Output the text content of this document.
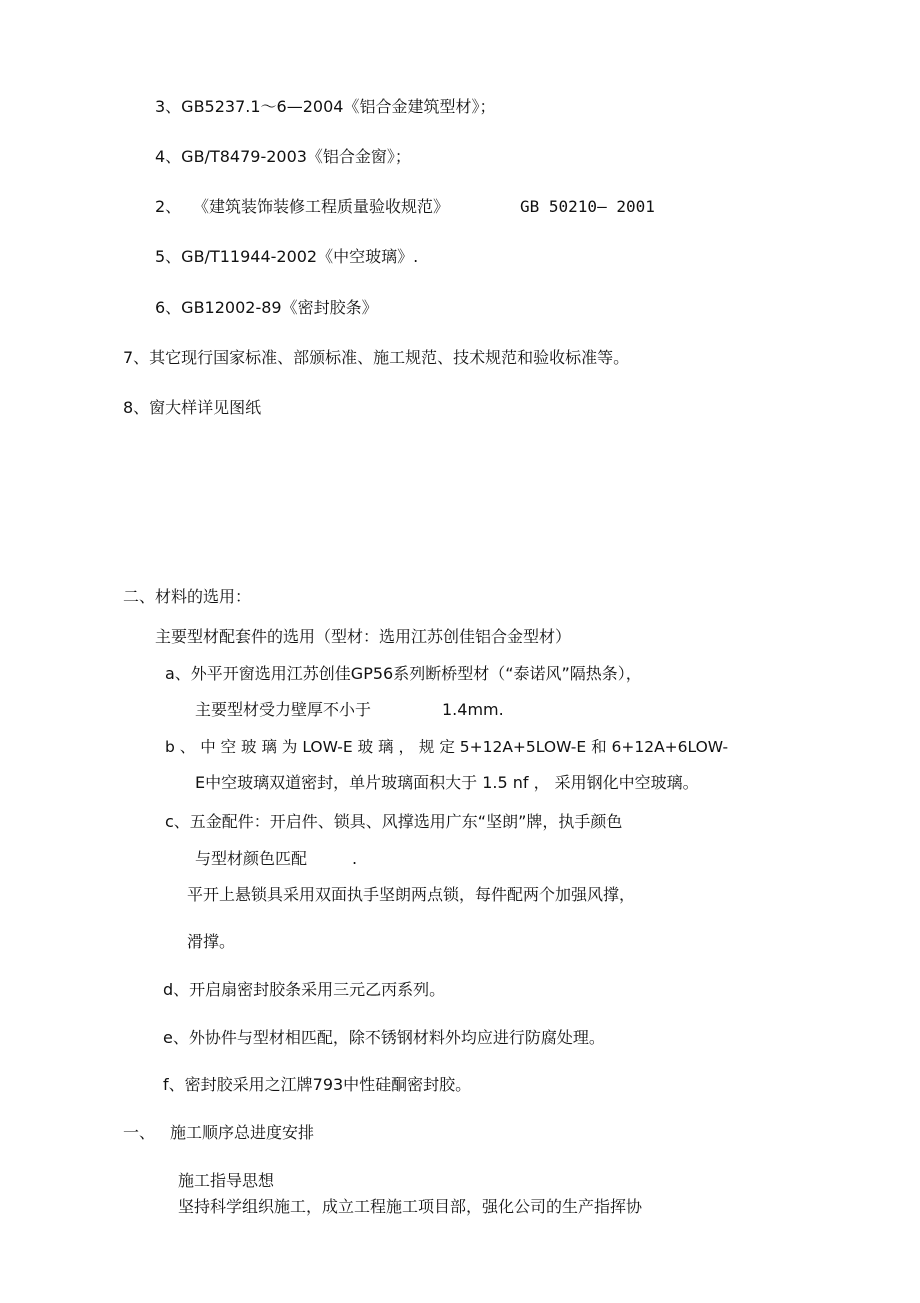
3、GB5237.1～6—2004《铝合金建筑型材》；
4、GB/T8479-2003《铝合金窗》；
2、 《建筑装饰装修工程质量验收规范》	GB 50210— 2001
5、GB/T11944-2002《中空玻璃》.
6、GB12002-89《密封胶条》
7、其它现行国家标准、部颁标准、施工规范、技术规范和验收标准等。
8、窗大样详见图纸
二、材料的选用：
主要型材配套件的选用（型材：选用江苏创佳铝合金型材）
a、外平开窗选用江苏创佳GP56系列断桥型材（“泰诺风”隔热条），
主要型材受力壁厚不小于	1.4mm.
b 、 中 空 玻 璃 为 LOW-E 玻 璃 ， 规 定 5+12A+5LOW-E 和 6+12A+6LOW-
E中空玻璃双道密封，单片玻璃面积大于 1.5 nf ， 采用钢化中空玻璃。
c、五金配件：开启件、锁具、风撑选用广东“坚朗”牌，执手颜色
与型材颜色匹配	.
平开上悬锁具采用双面执手坚朗两点锁，每件配两个加强风撑，
滑撑。
d、开启扇密封胶条采用三元乙丙系列。
e、外协件与型材相匹配，除不锈钢材料外均应进行防腐处理。
f、密封胶采用之江牌793中性硅酮密封胶。
一、 施工顺序总进度安排
施工指导思想
坚持科学组织施工，成立工程施工项目部，强化公司的生产指挥协
